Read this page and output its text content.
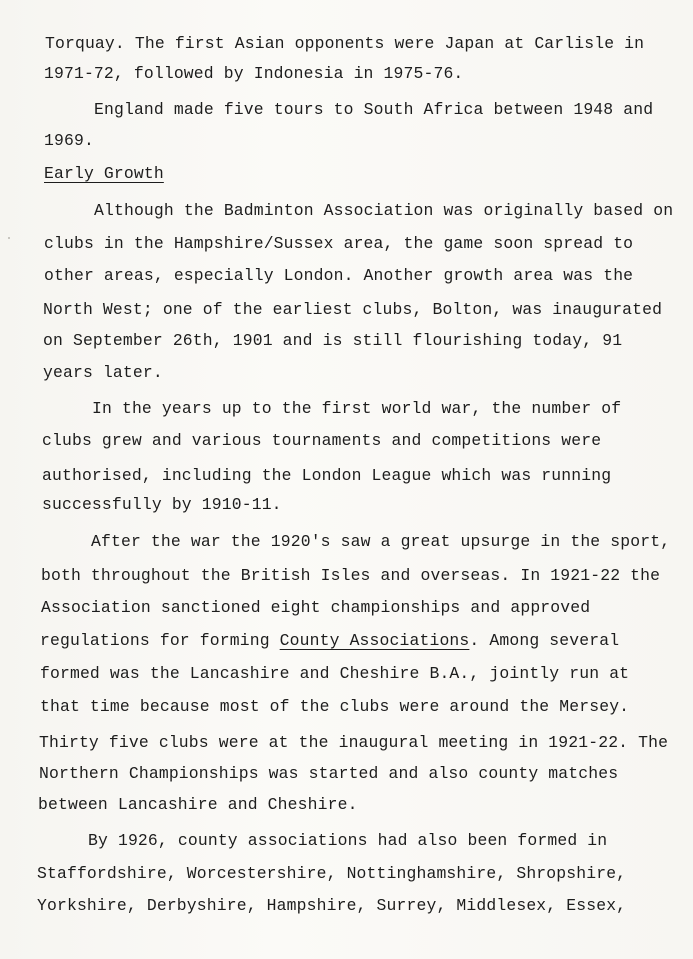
Torquay. The first Asian opponents were Japan at Carlisle in
1971-72, followed by Indonesia in 1975-76.
England made five tours to South Africa between 1948 and
1969.
Early Growth
Although the Badminton Association was originally based on
clubs in the Hampshire/Sussex area, the game soon spread to
other areas, especially London. Another growth area was the
North West; one of the earliest clubs, Bolton, was inaugurated
on September 26th, 1901 and is still flourishing today, 91
years later.
In the years up to the first world war, the number of
clubs grew and various tournaments and competitions were
authorised, including the London League which was running
successfully by 1910-11.
After the war the 1920's saw a great upsurge in the sport,
both throughout the British Isles and overseas. In 1921-22 the
Association sanctioned eight championships and approved
regulations for forming County Associations. Among several
formed was the Lancashire and Cheshire B.A., jointly run at
that time because most of the clubs were around the Mersey.
Thirty five clubs were at the inaugural meeting in 1921-22. The
Northern Championships was started and also county matches
between Lancashire and Cheshire.
By 1926, county associations had also been formed in
Staffordshire, Worcestershire, Nottinghamshire, Shropshire,
Yorkshire, Derbyshire, Hampshire, Surrey, Middlesex, Essex,
